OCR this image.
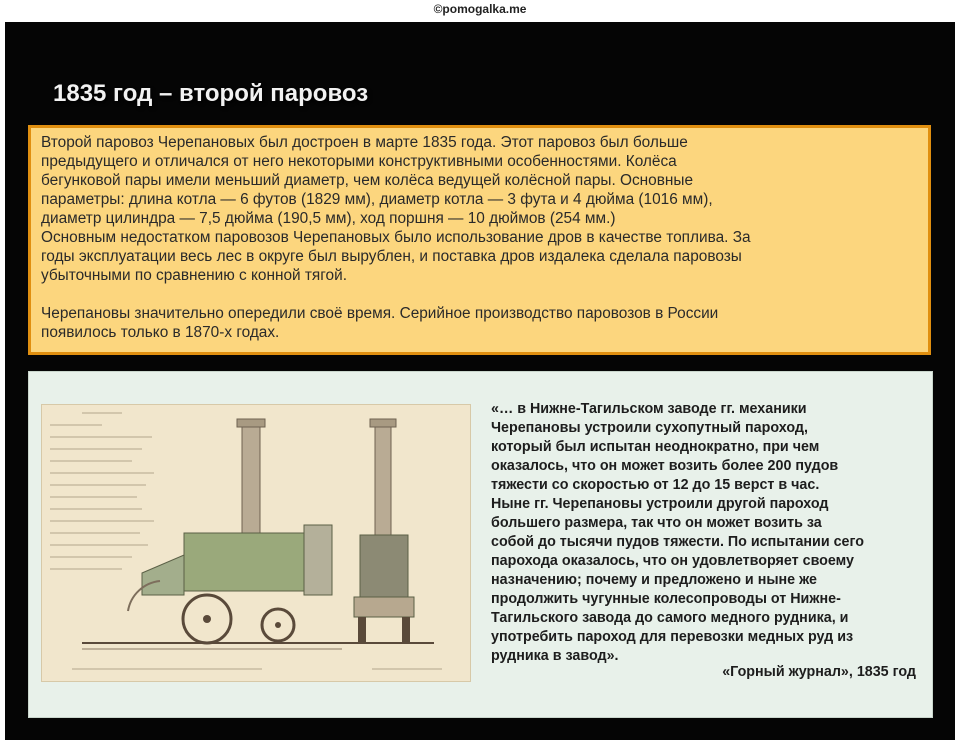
©pomogalka.me
1835 год – второй паровоз

Второй паровоз Черепановых был достроен в марте 1835 года. Этот паровоз был больше
предыдущего и отличался от него некоторыми конструктивными особенностями. Колёса
бегунковой пары имели меньший диаметр, чем колёса ведущей колёсной пары. Основные
параметры: длина котла — 6 футов (1829 мм), диаметр котла — 3 фута и 4 дюйма (1016 мм),
диаметр цилиндра — 7,5 дюйма (190,5 мм), ход поршня — 10 дюймов (254 мм.)
Основным недостатком паровозов Черепановых было использование дров в качестве топлива. За
годы эксплуатации весь лес в округе был вырублен, и поставка дров издалека сделала паровозы
убыточными по сравнению с конной тягой.

Черепановы значительно опередили своё время. Серийное производство паровозов в России
появилось только в 1870-х годах.

«… в Нижне-Тагильском заводе гг. механики
Черепановы устроили сухопутный пароход,
который был испытан неоднократно, при чем
оказалось, что он может возить более 200 пудов
тяжести со скоростью от 12 до 15 верст в час.
Ныне гг. Черепановы устроили другой пароход
большего размера, так что он может возить за
собой до тысячи пудов тяжести. По испытании сего
парохода оказалось, что он удовлетворяет своему
назначению; почему и предложено и ныне же
продолжить чугунные колесопроводы от Нижне-
Тагильского завода до самого медного рудника, и
употребить пароход для перевозки медных руд из
рудника в завод».

«Горный журнал», 1835 год
